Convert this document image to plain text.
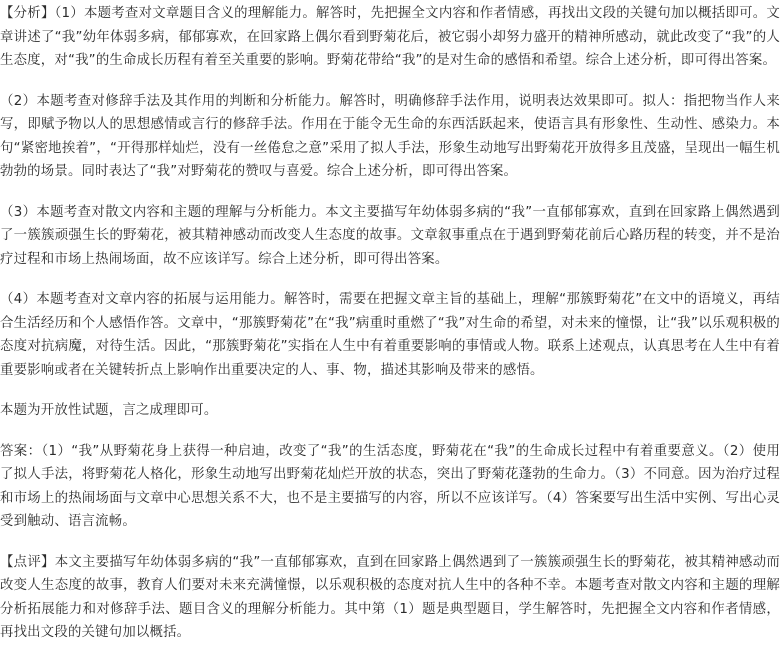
【分析】（1）本题考查对文章题目含义的理解能力。解答时，先把握全文内容和作者情感，再找出文段的关键句加以概括即可。文章讲述了“我”幼年体弱多病，郁郁寡欢，在回家路上偶尔看到野菊花后，被它弱小却努力盛开的精神所感动，就此改变了“我”的人生态度，对“我”的生命成长历程有着至关重要的影响。野菊花带给“我”的是对生命的感悟和希望。综合上述分析，即可得出答案。

（2）本题考查对修辞手法及其作用的判断和分析能力。解答时，明确修辞手法作用，说明表达效果即可。拟人：指把物当作人来写，即赋予物以人的思想感情或言行的修辞手法。作用在于能令无生命的东西活跃起来，使语言具有形象性、生动性、感染力。本句“紧密地挨着”，“开得那样灿烂，没有一丝倦怠之意”采用了拟人手法，形象生动地写出野菊花开放得多且茂盛，呈现出一幅生机勃勃的场景。同时表达了“我”对野菊花的赞叹与喜爱。综合上述分析，即可得出答案。

（3）本题考查对散文内容和主题的理解与分析能力。本文主要描写年幼体弱多病的“我”一直郁郁寡欢，直到在回家路上偶然遇到了一簇簇顽强生长的野菊花，被其精神感动而改变人生态度的故事。文章叙事重点在于遇到野菊花前后心路历程的转变，并不是治疗过程和市场上热闹场面，故不应该详写。综合上述分析，即可得出答案。

（4）本题考查对文章内容的拓展与运用能力。解答时，需要在把握文章主旨的基础上，理解“那簇野菊花”在文中的语境义，再结合生活经历和个人感悟作答。文章中，“那簇野菊花”在“我”病重时重燃了“我”对生命的希望，对未来的憧憬，让“我”以乐观积极的态度对抗病魔，对待生活。因此，“那簇野菊花”实指在人生中有着重要影响的事情或人物。联系上述观点，认真思考在人生中有着重要影响或者在关键转折点上影响作出重要决定的人、事、物，描述其影响及带来的感悟。

本题为开放性试题，言之成理即可。

答案：（1）“我”从野菊花身上获得一种启迪，改变了“我”的生活态度，野菊花在“我”的生命成长过程中有着重要意义。（2）使用了拟人手法，将野菊花人格化，形象生动地写出野菊花灿烂开放的状态，突出了野菊花蓬勃的生命力。（3）不同意。因为治疗过程和市场上的热闹场面与文章中心思想关系不大，也不是主要描写的内容，所以不应该详写。（4）答案要写出生活中实例、写出心灵受到触动、语言流畅。

【点评】本文主要描写年幼体弱多病的“我”一直郁郁寡欢，直到在回家路上偶然遇到了一簇簇顽强生长的野菊花，被其精神感动而改变人生态度的故事，教育人们要对未来充满憧憬，以乐观积极的态度对抗人生中的各种不幸。本题考查对散文内容和主题的理解分析拓展能力和对修辞手法、题目含义的理解分析能力。其中第（1）题是典型题目，学生解答时，先把握全文内容和作者情感，再找出文段的关键句加以概括。
